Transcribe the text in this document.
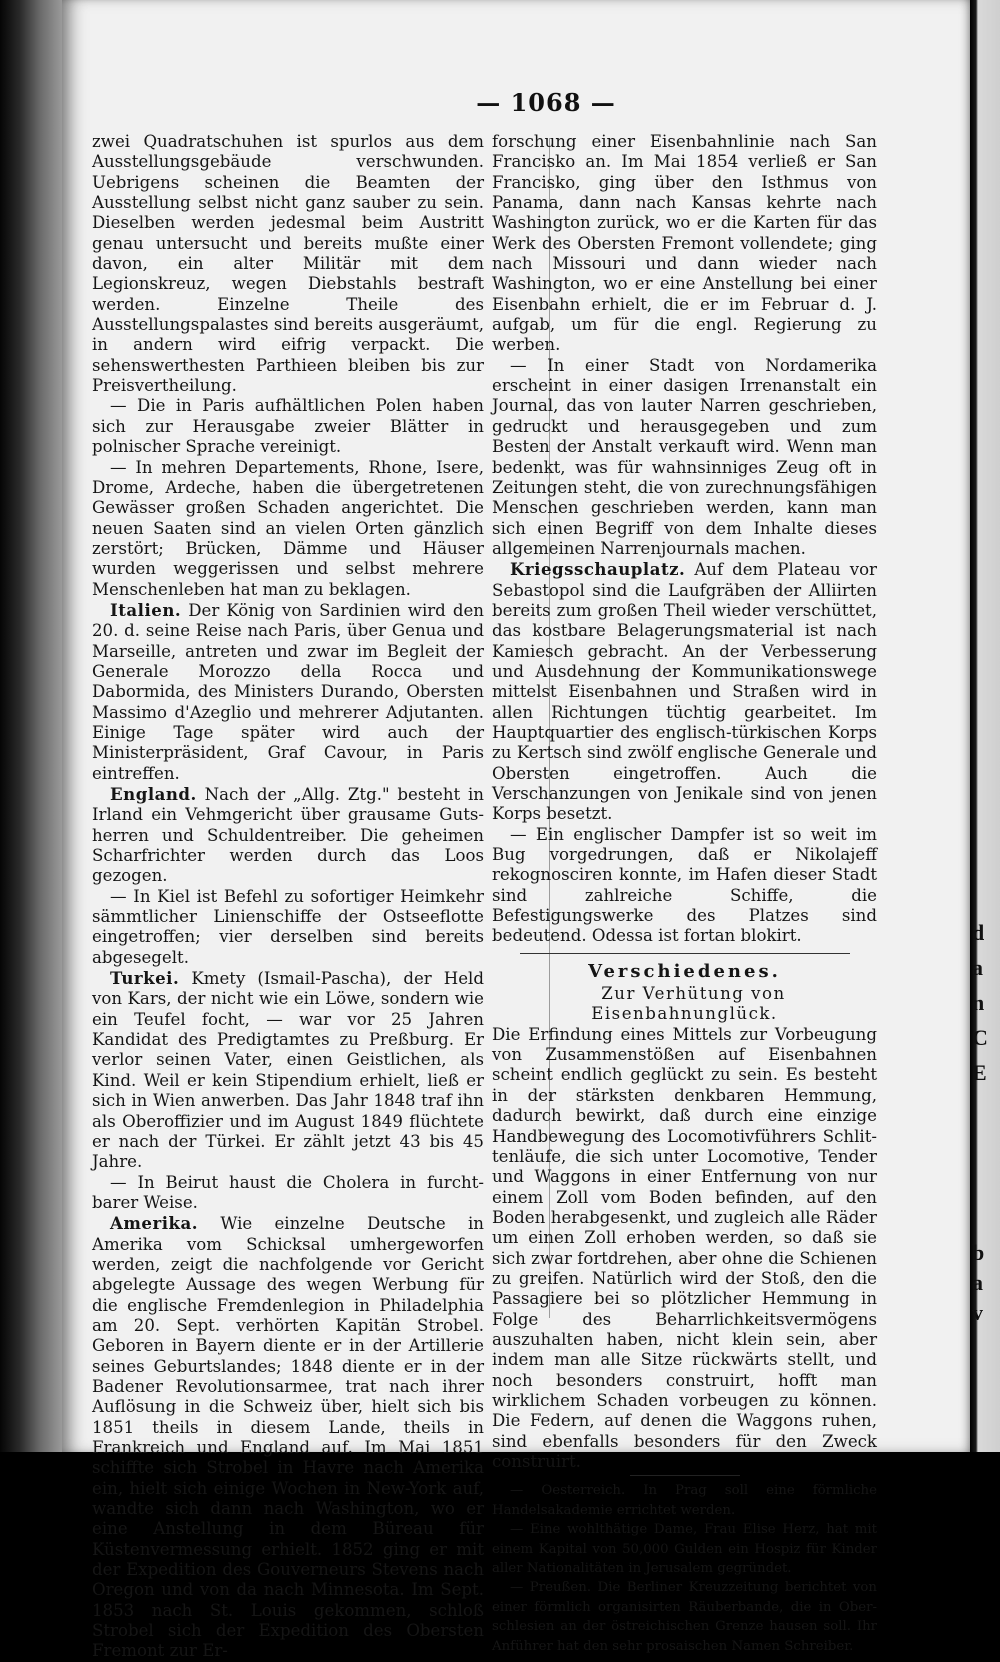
— 1068 —

zwei Quadratschuhen ist spurlos aus dem Ausstellungsgebäude verschwunden. Uebrigens scheinen die Beamten der Ausstellung selbst nicht ganz sauber zu sein. Dieselben werden jedesmal beim Austritt genau untersucht und bereits mußte einer davon, ein alter Militär mit dem Legionskreuz, wegen Diebstahls bestraft werden. Einzelne Theile des Ausstellungspalastes sind bereits ausgeräumt, in andern wird eifrig verpackt. Die sehenswerthesten Parthieen bleiben bis zur Preisvertheilung.

— Die in Paris aufhältlichen Polen haben sich zur Herausgabe zweier Blätter in polnischer Sprache vereinigt.

— In mehren Departements, Rhone, Isere, Drome, Ardeche, haben die übergetretenen Gewässer großen Schaden angerichtet. Die neuen Saaten sind an vielen Orten gänzlich zerstört; Brücken, Dämme und Häuser wurden weggerissen und selbst mehrere Menschenleben hat man zu beklagen.

Italien. Der König von Sardinien wird den 20. d. seine Reise nach Paris, über Genua und Marseille, antreten und zwar im Begleit der Generale Morozzo della Rocca und Dabormida, des Ministers Durando, Obersten Massimo d'Azeglio und mehrerer Adjutanten. Einige Tage später wird auch der Ministerpräsident, Graf Cavour, in Paris eintreffen.

England. Nach der „Allg. Ztg." besteht in Irland ein Vehmgericht über grausame Gutsherren und Schuldentreiber. Die geheimen Scharfrichter werden durch das Loos gezogen.

— In Kiel ist Befehl zu sofortiger Heimkehr sämmtlicher Linienschiffe der Ostseeflotte eingetroffen; vier derselben sind bereits abgesegelt.

Turkei. Kmety (Ismail-Pascha), der Held von Kars, der nicht wie ein Löwe, sondern wie ein Teufel focht, — war vor 25 Jahren Kandidat des Predigtamtes zu Preßburg. Er verlor seinen Vater, einen Geistlichen, als Kind. Weil er kein Stipendium erhielt, ließ er sich in Wien anwerben. Das Jahr 1848 traf ihn als Oberoffizier und im August 1849 flüchtete er nach der Türkei. Er zählt jetzt 43 bis 45 Jahre.

— In Beirut haust die Cholera in furchtbarer Weise.

Amerika. Wie einzelne Deutsche in Amerika vom Schicksal umhergeworfen werden, zeigt die nachfolgende vor Gericht abgelegte Aussage des wegen Werbung für die englische Fremdenlegion in Philadelphia am 20. Sept. verhörten Kapitän Strobel. Geboren in Bayern diente er in der Artillerie seines Geburtslandes; 1848 diente er in der Badener Revolutionsarmee, trat nach ihrer Auflösung in die Schweiz über, hielt sich bis 1851 theils in diesem Lande, theils in Frankreich und England auf. Im Mai 1851 schiffte sich Strobel in Havre nach Amerika ein, hielt sich einige Wochen in New-York auf, wandte sich dann nach Washington, wo er eine Anstellung in dem Büreau für Küstenvermessung erhielt. 1852 ging er mit der Expedition des Gouverneurs Stevens nach Oregon und von da nach Minnesota. Im Sept. 1853 nach St. Louis gekommen, schloß Strobel sich der Expedition des Obersten Fremont zur Er-

forschung einer Eisenbahnlinie nach San Francisko an. Im Mai 1854 verließ er San Francisko, ging über den Isthmus von Panama, dann nach Kansas kehrte nach Washington zurück, wo er die Karten für das Werk des Obersten Fremont vollendete; ging nach Missouri und dann wieder nach Washington, wo er eine Anstellung bei einer Eisenbahn erhielt, die er im Februar d. J. aufgab, um für die engl. Regierung zu werben.

— In einer Stadt von Nordamerika erscheint in einer dasigen Irrenanstalt ein Journal, das von lauter Narren geschrieben, gedruckt und herausgegeben und zum Besten der Anstalt verkauft wird. Wenn man bedenkt, was für wahnsinniges Zeug oft in Zeitungen steht, die von zurechnungsfähigen Menschen geschrieben werden, kann man sich einen Begriff von dem Inhalte dieses allgemeinen Narrenjournals machen.

Kriegsschauplatz. Auf dem Plateau vor Sebastopol sind die Laufgräben der Alliirten bereits zum großen Theil wieder verschüttet, das kostbare Belagerungsmaterial ist nach Kamiesch gebracht. An der Verbesserung und Ausdehnung der Kommunikationswege mittelst Eisenbahnen und Straßen wird in allen Richtungen tüchtig gearbeitet. Im Hauptquartier des englisch-türkischen Korps zu Kertsch sind zwölf englische Generale und Obersten eingetroffen. Auch die Verschanzungen von Jenikale sind von jenen Korps besetzt.

— Ein englischer Dampfer ist so weit im Bug vorgedrungen, daß er Nikolajeff rekognosciren konnte, im Hafen dieser Stadt sind zahlreiche Schiffe, die Befestigungswerke des Platzes sind bedeutend. Odessa ist fortan blokirt.

Verschiedenes.

Zur Verhütung von Eisenbahnunglück.

Die Erfindung eines Mittels zur Vorbeugung von Zusammenstößen auf Eisenbahnen scheint endlich geglückt zu sein. Es besteht in der stärksten denkbaren Hemmung, dadurch bewirkt, daß durch eine einzige Handbewegung des Locomotivführers Schlittenläufe, die sich unter Locomotive, Tender und Waggons in einer Entfernung von nur einem Zoll vom Boden befinden, auf den Boden herabgesenkt, und zugleich alle Räder um einen Zoll erhoben werden, so daß sie sich zwar fortdrehen, aber ohne die Schienen zu greifen. Natürlich wird der Stoß, den die Passagiere bei so plötzlicher Hemmung in Folge des Beharrlichkeitsvermögens auszuhalten haben, nicht klein sein, aber indem man alle Sitze rückwärts stellt, und noch besonders construirt, hofft man wirklichem Schaden vorbeugen zu können. Die Federn, auf denen die Waggons ruhen, sind ebenfalls besonders für den Zweck construirt.

— Oesterreich. In Prag soll eine förmliche Handelsakademie errichtet werden.

— Eine wohlthätige Dame, Frau Elise Herz, hat mit einem Kapital von 50,000 Gulden ein Hospiz für Kinder aller Nationalitäten in Jerusalem gegründet.

— Preußen. Die Berliner Kreuzzeitung berichtet von einer förmlich organisirten Räuberbande, die in Oberschlesien an der östreichischen Grenze hausen soll. Ihr Anführer hat den sehr prosaischen Namen Schreiber.

d
a
n
C
E
b
a
v
